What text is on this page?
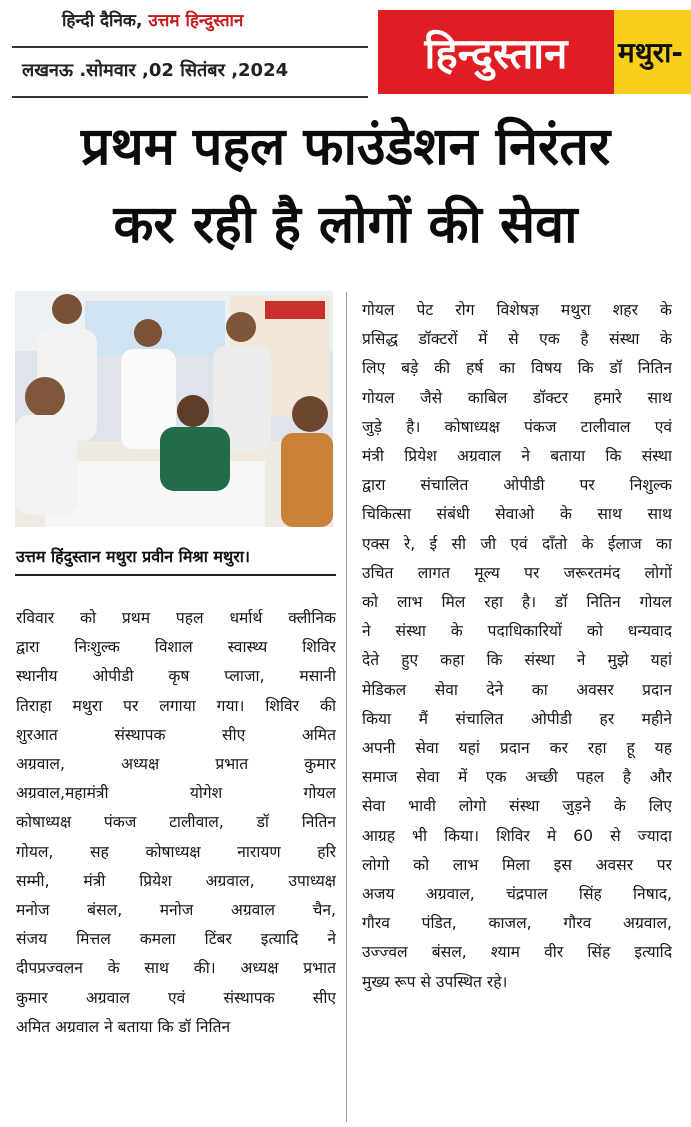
हिन्दी दैनिक, उत्तम हिन्दुस्तान
लखनऊ .सोमवार ,02 सितंबर ,2024	हिन्दुस्तान	मथुरा-
प्रथम पहल फाउंडेशन निरंतर
कर रही है लोगों की सेवा
उत्तम हिंदुस्तान मथुरा प्रवीन मिश्रा मथुरा।
रविवार को प्रथम पहल धर्मार्थ क्लीनिक
द्वारा निःशुल्क विशाल स्वास्थ्य शिविर
स्थानीय ओपीडी कृष प्लाजा, मसानी
तिराहा मथुरा पर लगाया गया। शिविर की
शुरआत संस्थापक सीए अमित
अग्रवाल, अध्यक्ष प्रभात कुमार
अग्रवाल,महामंत्री योगेश गोयल
कोषाध्यक्ष पंकज टालीवाल, डॉ नितिन
गोयल, सह कोषाध्यक्ष नारायण हरि
सम्मी, मंत्री प्रियेश अग्रवाल, उपाध्यक्ष
मनोज बंसल, मनोज अग्रवाल चैन,
संजय मित्तल कमला टिंबर इत्यादि ने
दीपप्रज्वलन के साथ की। अध्यक्ष प्रभात
कुमार अग्रवाल एवं संस्थापक सीए
अमित अग्रवाल ने बताया कि डॉ नितिन
गोयल पेट रोग विशेषज्ञ मथुरा शहर के
प्रसिद्ध डॉक्टरों में से एक है संस्था के
लिए बड़े की हर्ष का विषय कि डॉ नितिन
गोयल जैसे काबिल डॉक्टर हमारे साथ
जुड़े है। कोषाध्यक्ष पंकज टालीवाल एवं
मंत्री प्रियेश अग्रवाल ने बताया कि संस्था
द्वारा संचालित ओपीडी पर निशुल्क
चिकित्सा संबंधी सेवाओ के साथ साथ
एक्स रे, ई सी जी एवं दाँतो के ईलाज का
उचित लागत मूल्य पर जरूरतमंद लोगों
को लाभ मिल रहा है। डॉ नितिन गोयल
ने संस्था के पदाधिकारियों को धन्यवाद
देते हुए कहा कि संस्था ने मुझे यहां
मेडिकल सेवा देने का अवसर प्रदान
किया मैं संचालित ओपीडी हर महीने
अपनी सेवा यहां प्रदान कर रहा हू यह
समाज सेवा में एक अच्छी पहल है और
सेवा भावी लोगो संस्था जुड़ने के लिए
आग्रह भी किया। शिविर मे 60 से ज्यादा
लोगो को लाभ मिला इस अवसर पर
अजय अग्रवाल, चंद्रपाल सिंह निषाद,
गौरव पंडित, काजल, गौरव अग्रवाल,
उज्ज्वल बंसल, श्याम वीर सिंह इत्यादि
मुख्य रूप से उपस्थित रहे।
